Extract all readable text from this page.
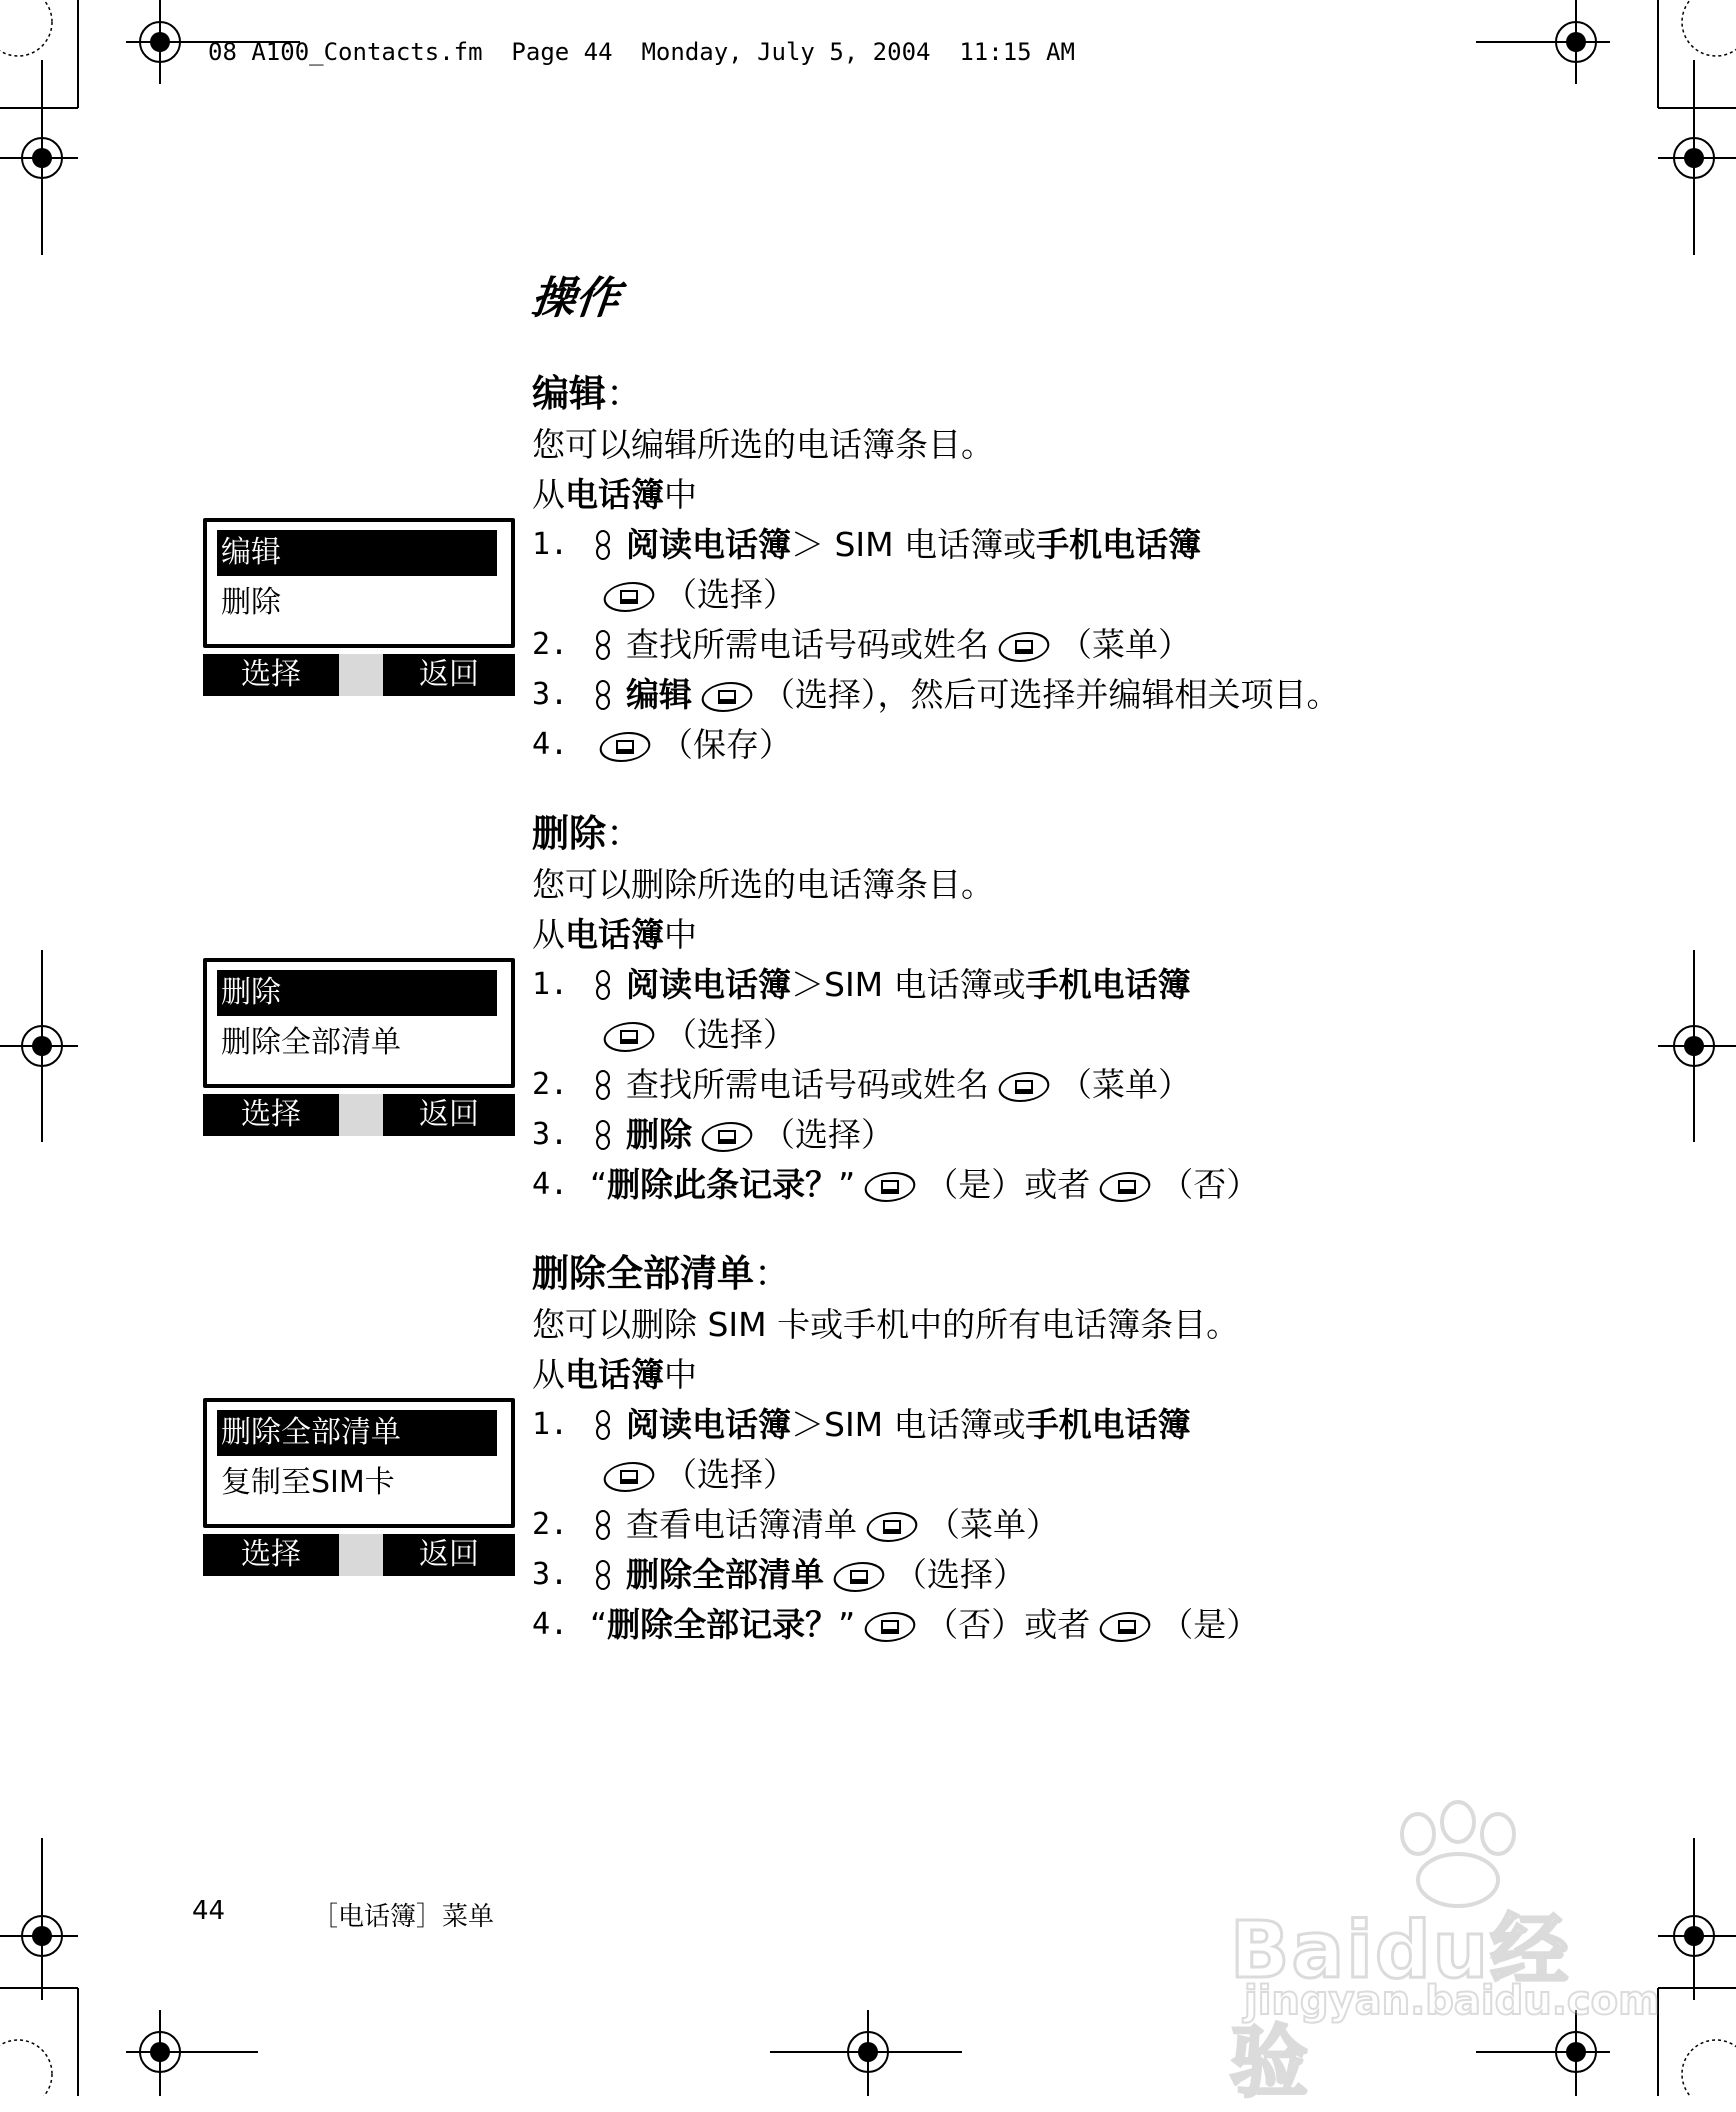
08 A100_Contacts.fm  Page 44  Monday, July 5, 2004  11:15 AM
操作
编辑：
您可以编辑所选的电话簿条目。
从电话簿中
1.	阅读电话簿 ＞ SIM 电话簿 或 手机电话簿
（选择）
2.	查找所需电话号码或姓名 （菜单）
3.	编辑 （选择），然后可选择并编辑相关项目。
4.	（保存）
编辑
删除
选择	返回
删除：
您可以删除所选的电话簿条目。
从电话簿中
1.	阅读电话簿 ＞SIM 电话簿 或 手机电话簿
（选择）
2.	查找所需电话号码或姓名 （菜单）
3.	删除 （选择）
4. “ 删除此条记录？ ” （是）或者 （否）
删除
删除全部清单
选择	返回
删除全部清单：
您可以删除 SIM 卡或手机中的所有电话簿条目。
从电话簿中
1.	阅读电话簿 ＞SIM 电话簿 或 手机电话簿
（选择）
2.	查看电话簿清单 （菜单）
3.	删除全部清单 （选择）
4. “ 删除全部记录？ ” （否）或者 （是）
删除全部清单
复制至SIM卡
选择	返回
44	［电话簿］菜单	Baidu经验
jingyan.baidu.com
